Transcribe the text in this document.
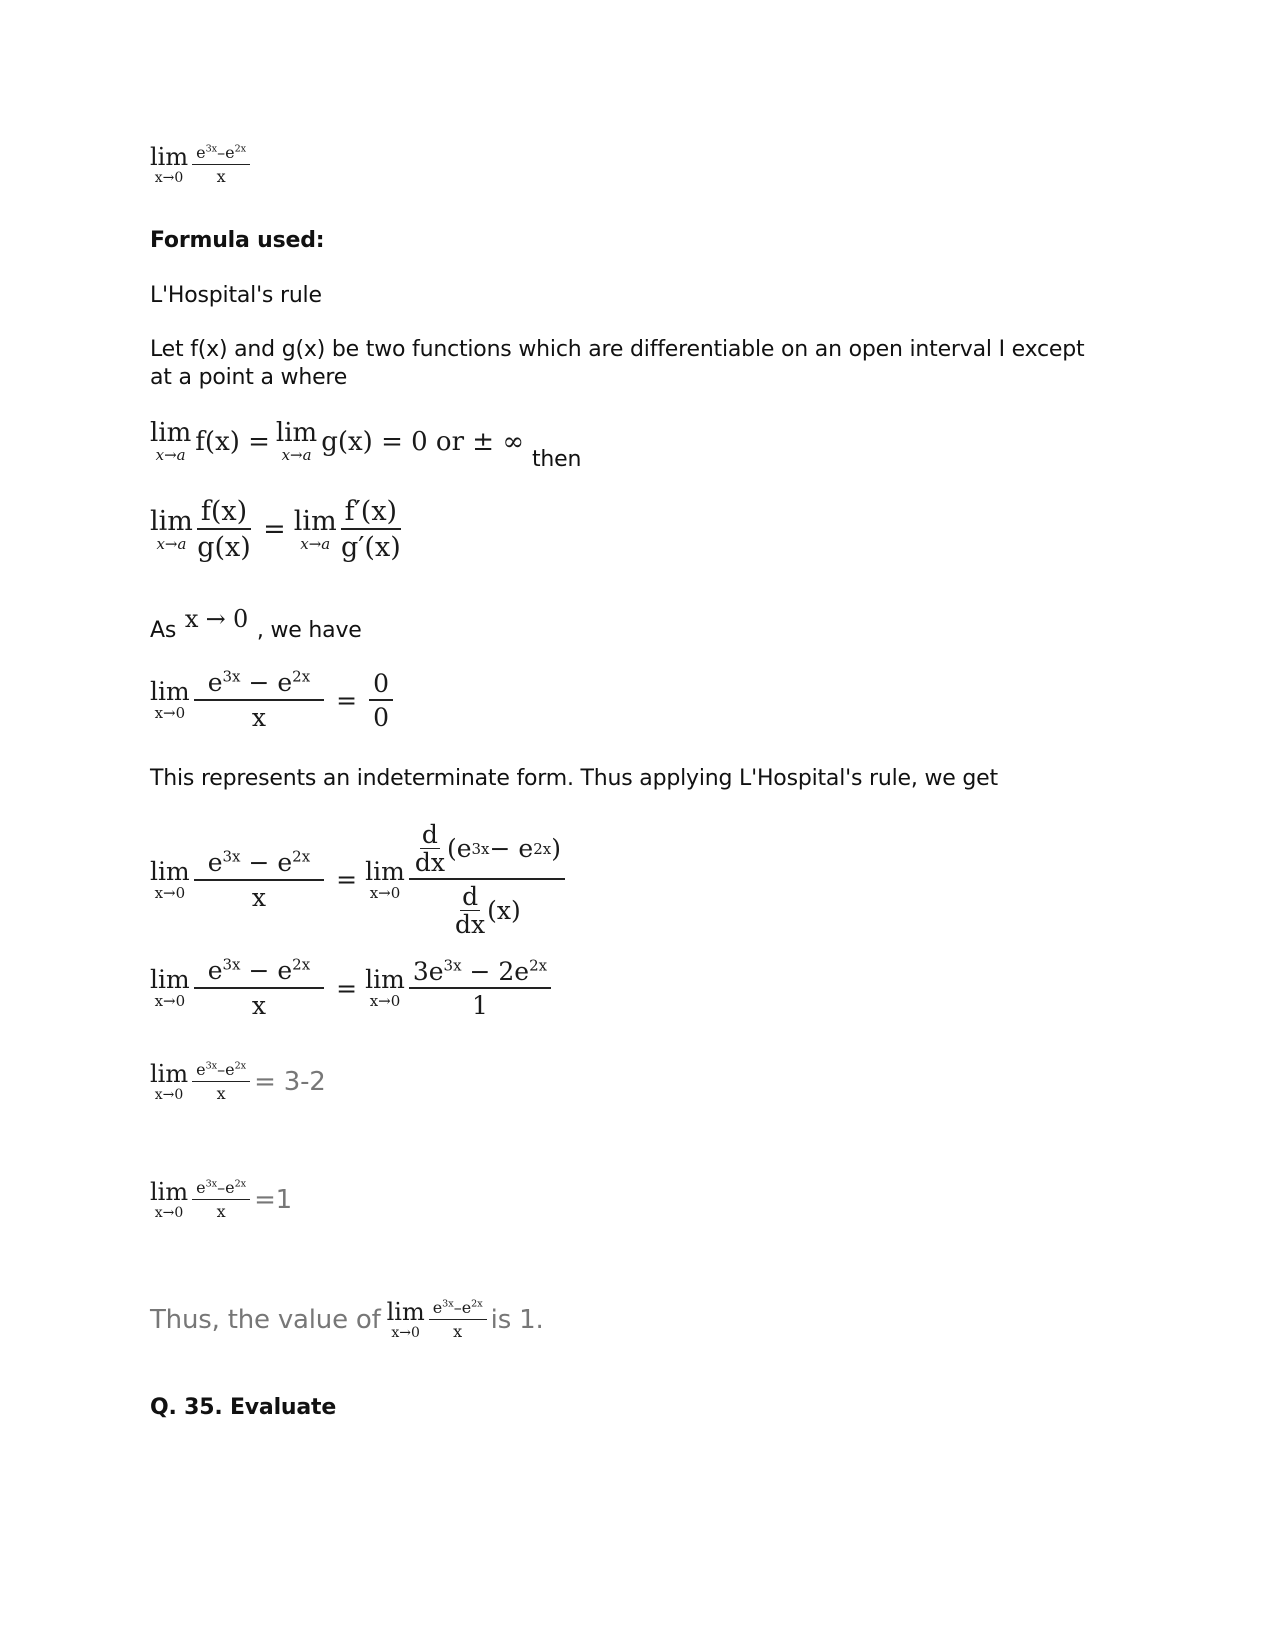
lim
x→0
$e^{3x}-e^{2x}$
x
Formula used:
L'Hospital's rule
Let f(x) and g(x) be two functions which are differentiable on an open interval I except at a point a where
lim
x→a f(x) = lim
x→a g(x) = 0 or ± ∞
then
lim
$x\to a \frac{f(x)}{g(x)} = \lim$
x→a
f′(x)
g′(x)
As x → 0 , we have
lim
$x\to 0 \frac{e^{3x} - e^{2x}}{x} = \frac{0}{0}$
This represents an indeterminate form. Thus applying L'Hospital's rule, we get
lim
$x\to 0 \frac{e^{3x} - e^{2x}}{x} = \lim$
x→0
d
dx (e 3x − e 2x )
d
dx (x)
lim
$x\to 0 \frac{e^{3x} - e^{2x}}{x} = \lim$
x→0
$3e^{3x} - 2e^{2x}$
1
lim
$x\to 0 \frac{e^{3x}-e^{2x}}{x} = 3-2$
lim
$x\to 0 \frac{e^{3x}-e^{2x}}{x} =1$
Thus, the value of lim
x→0
$e^{3x}-e^{2x}$
x is 1.
Q. 35. Evaluate
